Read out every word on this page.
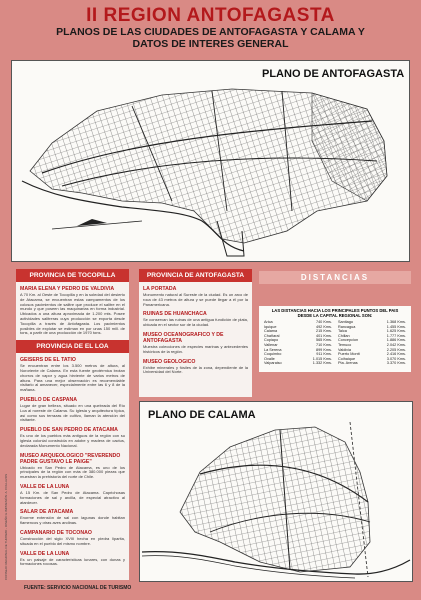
II REGION ANTOFAGASTA
PLANOS DE LAS CIUDADES DE ANTOFAGASTA Y CALAMA Y
DATOS DE INTERES GENERAL
PLANO DE ANTOFAGASTA
PROVINCIA DE TOCOPILLA
MARIA ELENA Y PEDRO DE VALDIVIA
A 70 Km. al Oeste de Tocopilla y en la soledad del desierto de Atacama, se encuentran estas campamentos de los colosos yacimientos de salitre que produce el salitre en el mundo y que poseen las maquinarias en forma industrial. Ubicados a una altura aproximada de 1.200 mts. Posee actividades salitreras cuya producción se exporta desde Tocopilla a través de Antofagasta. Los yacimientos posibles de explotar se estiman en por unas 150 mill. de tons, a partir de una producción de 1970 tons.
PROVINCIA DE EL LOA
GEISERS DE EL TATIO
Se encuentran entre los 3.500 metros de altura, al Nororiente de Calama. En esta fuente geotérmica brotan chorros de vapor y agua hirviente de varios metros de altura. Para una mejor observación es recomendable visitarlo al amanecer, especialmente entre las 6 y 8 de la mañana.
PUEBLO DE CASPANA
Lugar de gran belleza, situado en una quebrada del Río Loa al noreste de Calama. Su iglesia y arquitectura típica, así como sus terrazas de cultivo, llaman la atención del visitante.
PUEBLO DE SAN PEDRO DE ATACAMA
Es uno de los pueblos más antiguos de la región con su iglesia colonial construida en adobe y madera de cactus, declarada Monumento Nacional.
MUSEO ARQUEOLOGICO "REVERENDO PADRE GUSTAVO LE PAIGE"
Ubicado en San Pedro de Atacama, es uno de los principales de la región con más de 380.000 piezas que muestran la prehistoria del norte de Chile.
VALLE DE LA LUNA
A 15 Km. de San Pedro de Atacama. Caprichosas formaciones de sal y arcilla, de especial atractivo al atardecer.
SALAR DE ATACAMA
Enorme extensión de sal con lagunas donde habitan flamencos y otras aves andinas.
CAMPANARIO DE TOCONAO
Construcción del siglo XVIII hecha en piedra liparita, situada en el pueblo del mismo nombre.
VALLE DE LA LUNA
Es un paisaje de características lunares, con dunas y formaciones rocosas.
PROVINCIA DE ANTOFAGASTA
LA PORTADA
Monumento natural al Sureste de la ciudad. Es un arco de roca de 43 metros de altura y se puede llegar a él por la Panamericana.
RUINAS DE HUANCHACA
Se conservan las ruinas de una antigua fundición de plata, ubicada en el sector sur de la ciudad.
MUSEO OCEANOGRAFICO Y DE ANTOFAGASTA
Muestra colecciones de especies marinas y antecedentes históricos de la región.
MUSEO GEOLOGICO
Exhibe minerales y fósiles de la zona, dependiente de la Universidad del Norte.
DISTANCIAS
LAS DISTANCIAS HACIA LOS PRINCIPALES PUNTOS DEL PAIS DESDE LA CAPITAL REGIONAL SON:
Arica	740 Kms.
Iquique	492 Kms.
Calama	215 Kms.
Chañaral	401 Kms.
Copiapo	565 Kms.
Vallenar	710 Kms.
La Serena	899 Kms.
Coquimbo	911 Kms.
Ovalle	1.015 Kms.
Valparaiso	1.332 Kms.
Santiago	1.368 Kms.
Rancagua	1.455 Kms.
Talca	1.625 Kms.
Chillan	1.777 Kms.
Concepcion	1.886 Kms.
Temuco	2.042 Kms.
Valdivia	2.205 Kms.
Puerto Montt	2.416 Kms.
Coihaique	3.070 Kms.
Pta. Arenas	3.370 Kms.
PLANO DE CALAMA
CONSEJO REGIONAL DE TURISMO - DISEÑO E IMPRESIÓN: A. COLLAZOS
FUENTE: SERVICIO NACIONAL DE TURISMO
